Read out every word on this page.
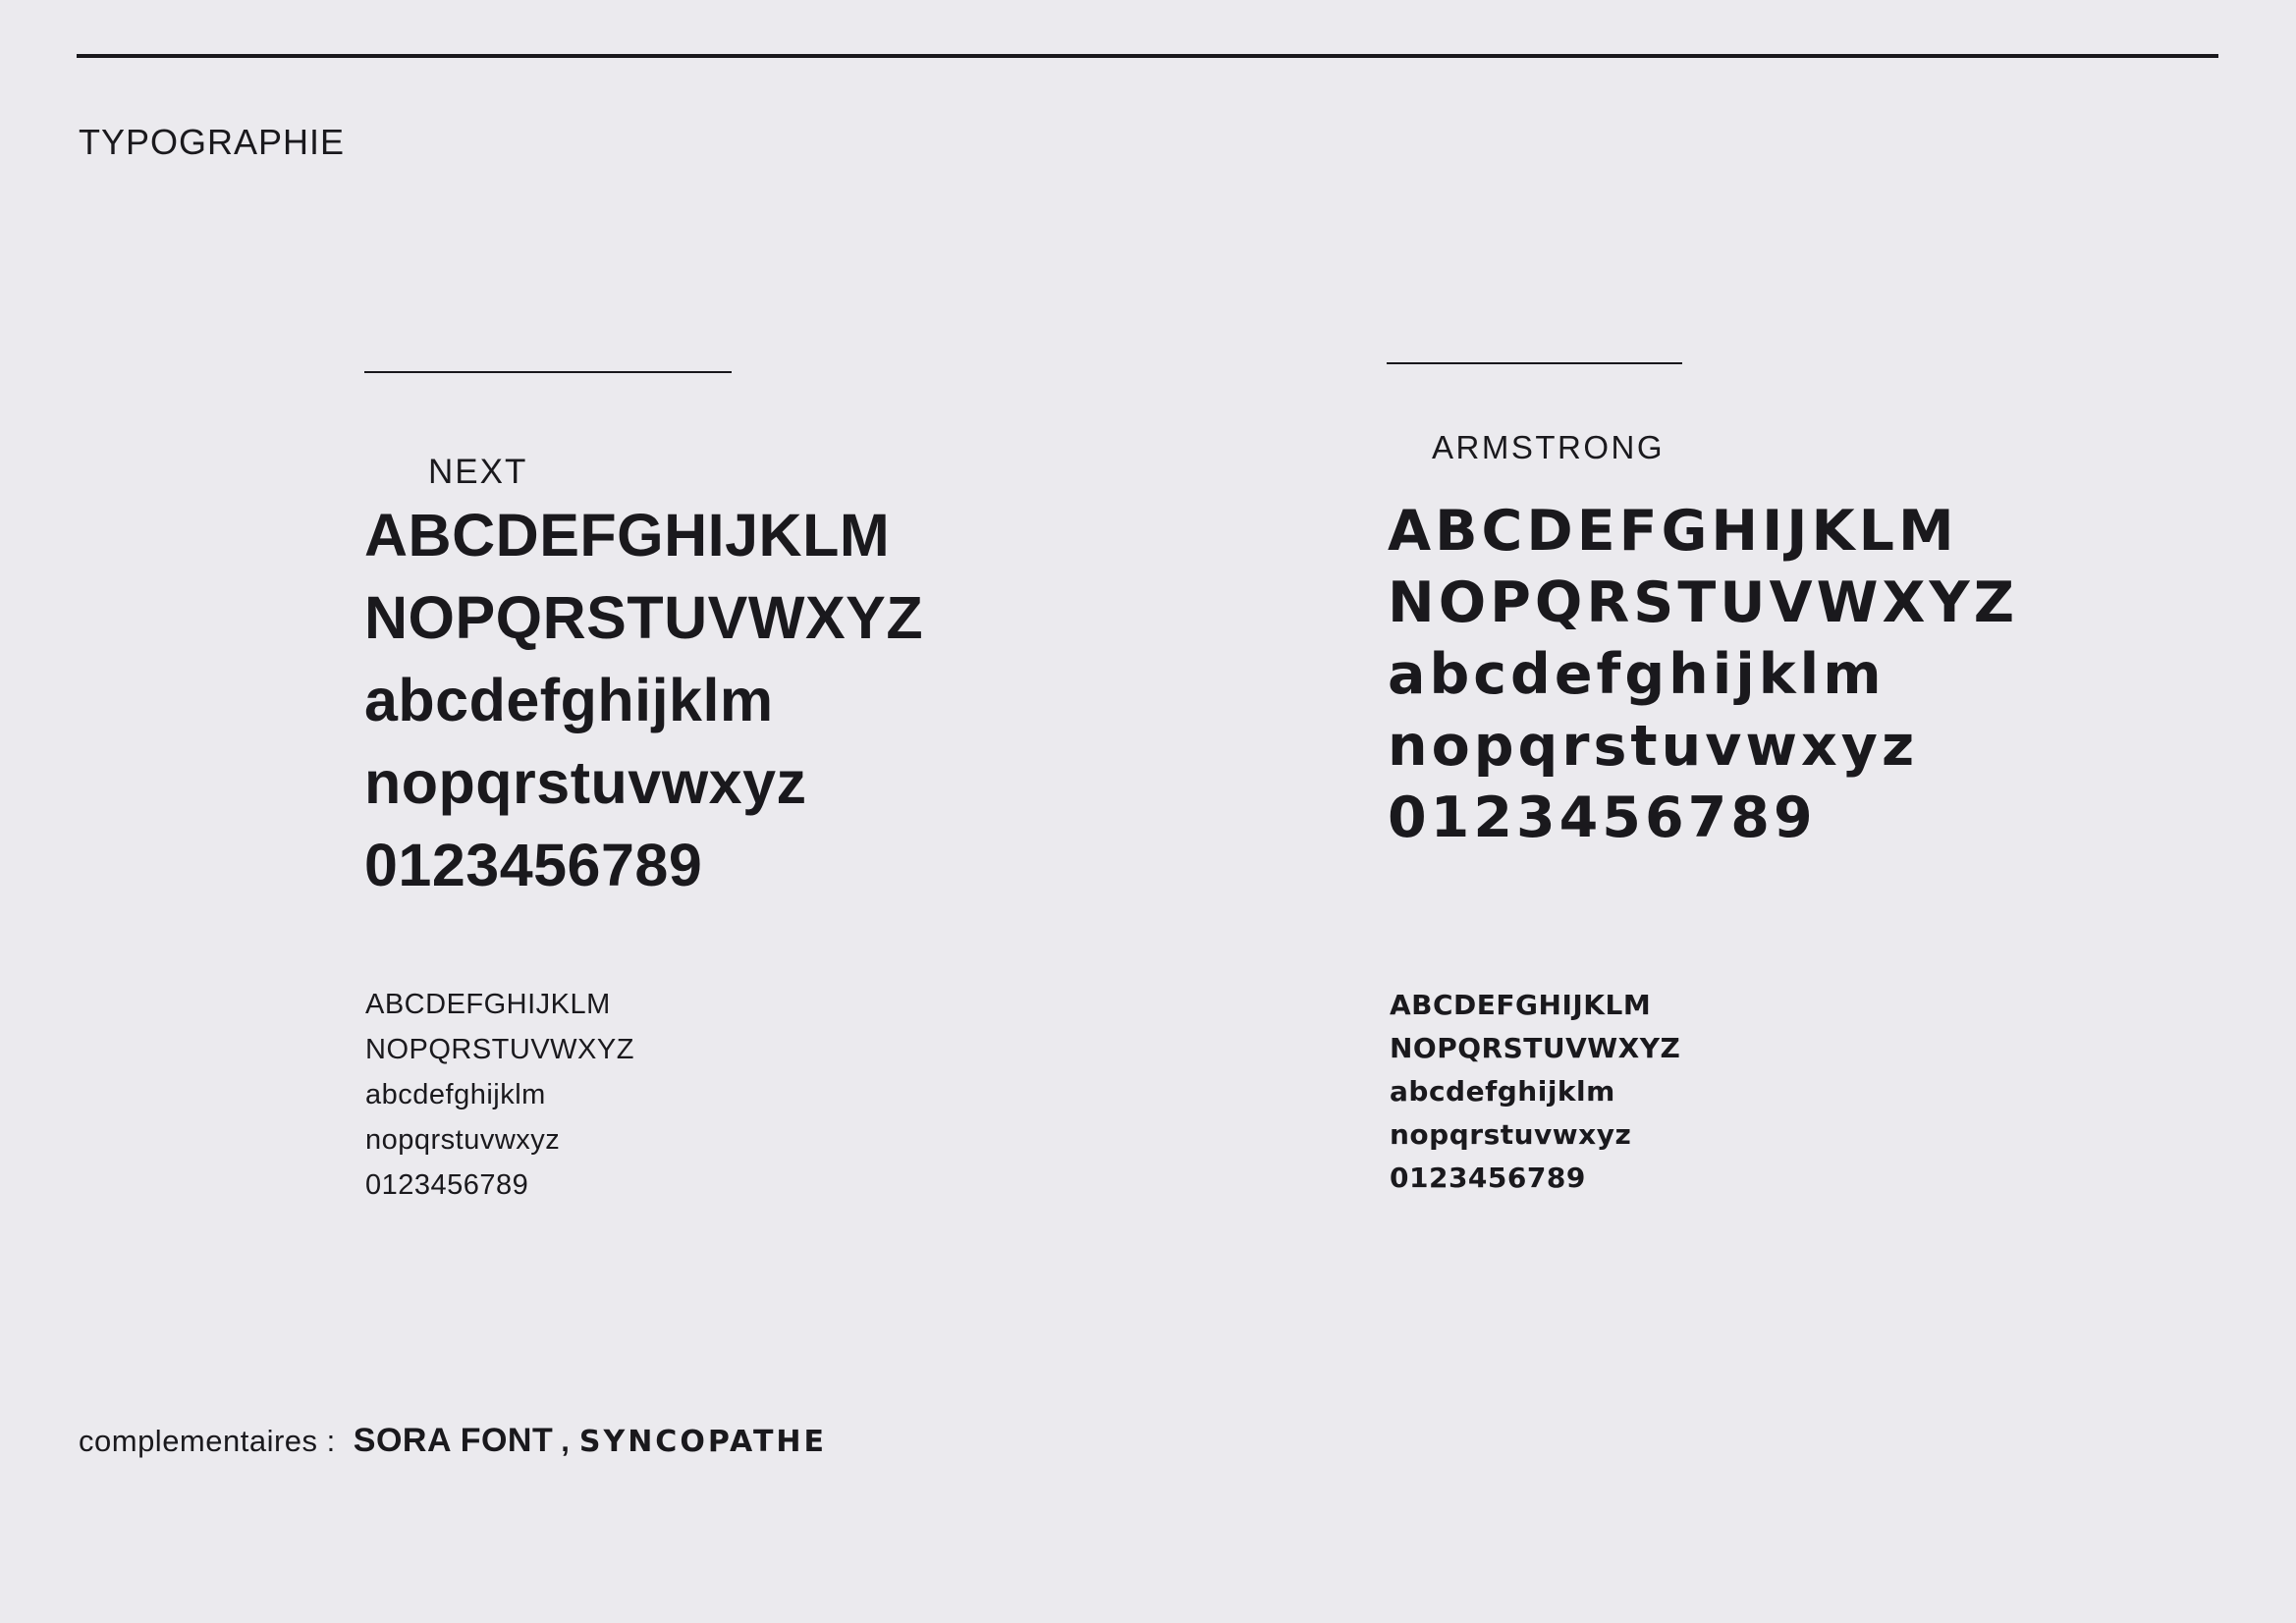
TYPOGRAPHIE
NEXT
ABCDEFGHIJKLM
NOPQRSTUVWXYZ
abcdefghijklm
nopqrstuvwxyz
0123456789
ABCDEFGHIJKLM
NOPQRSTUVWXYZ
abcdefghijklm
nopqrstuvwxyz
0123456789
ARMSTRONG
ABCDEFGHIJKLM
NOPQRSTUVWXYZ
abcdefghijklm
nopqrstuvwxyz
0123456789
ABCDEFGHIJKLM
NOPQRSTUVWXYZ
abcdefghijklm
nopqrstuvwxyz
0123456789
complementaires : SORA FONT , SYNCOPATHE
